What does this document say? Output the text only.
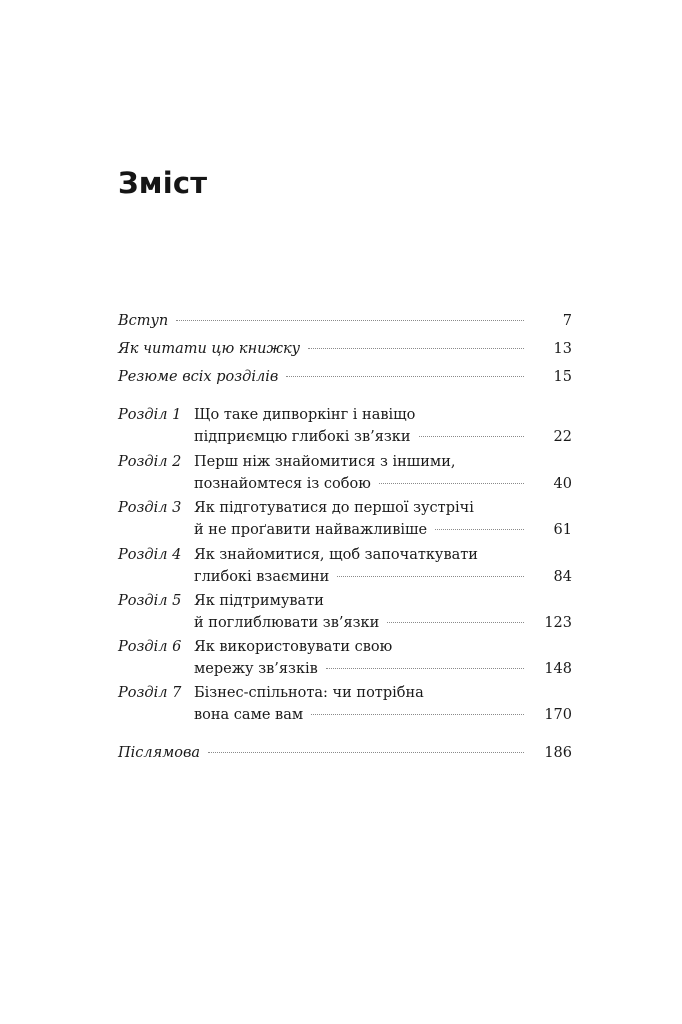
Зміст
Вступ	7
Як читати цю книжку	13
Резюме всіх розділів	15
Розділ 1 Що таке дипворкінг і навіщо
підприємцю глибокі зв’язки	22
Розділ 2 Перш ніж знайомитися з іншими,
познайомтеся із собою	40
Розділ 3 Як підготуватися до першої зустрічі
й не проґавити найважливіше	61
Розділ 4 Як знайомитися, щоб започаткувати
глибокі взаємини	84
Розділ 5 Як підтримувати
й поглиблювати зв’язки	123
Розділ 6 Як використовувати свою
мережу зв’язків	148
Розділ 7 Бізнес-спільнота: чи потрібна
вона саме вам	170
Післямова	186
